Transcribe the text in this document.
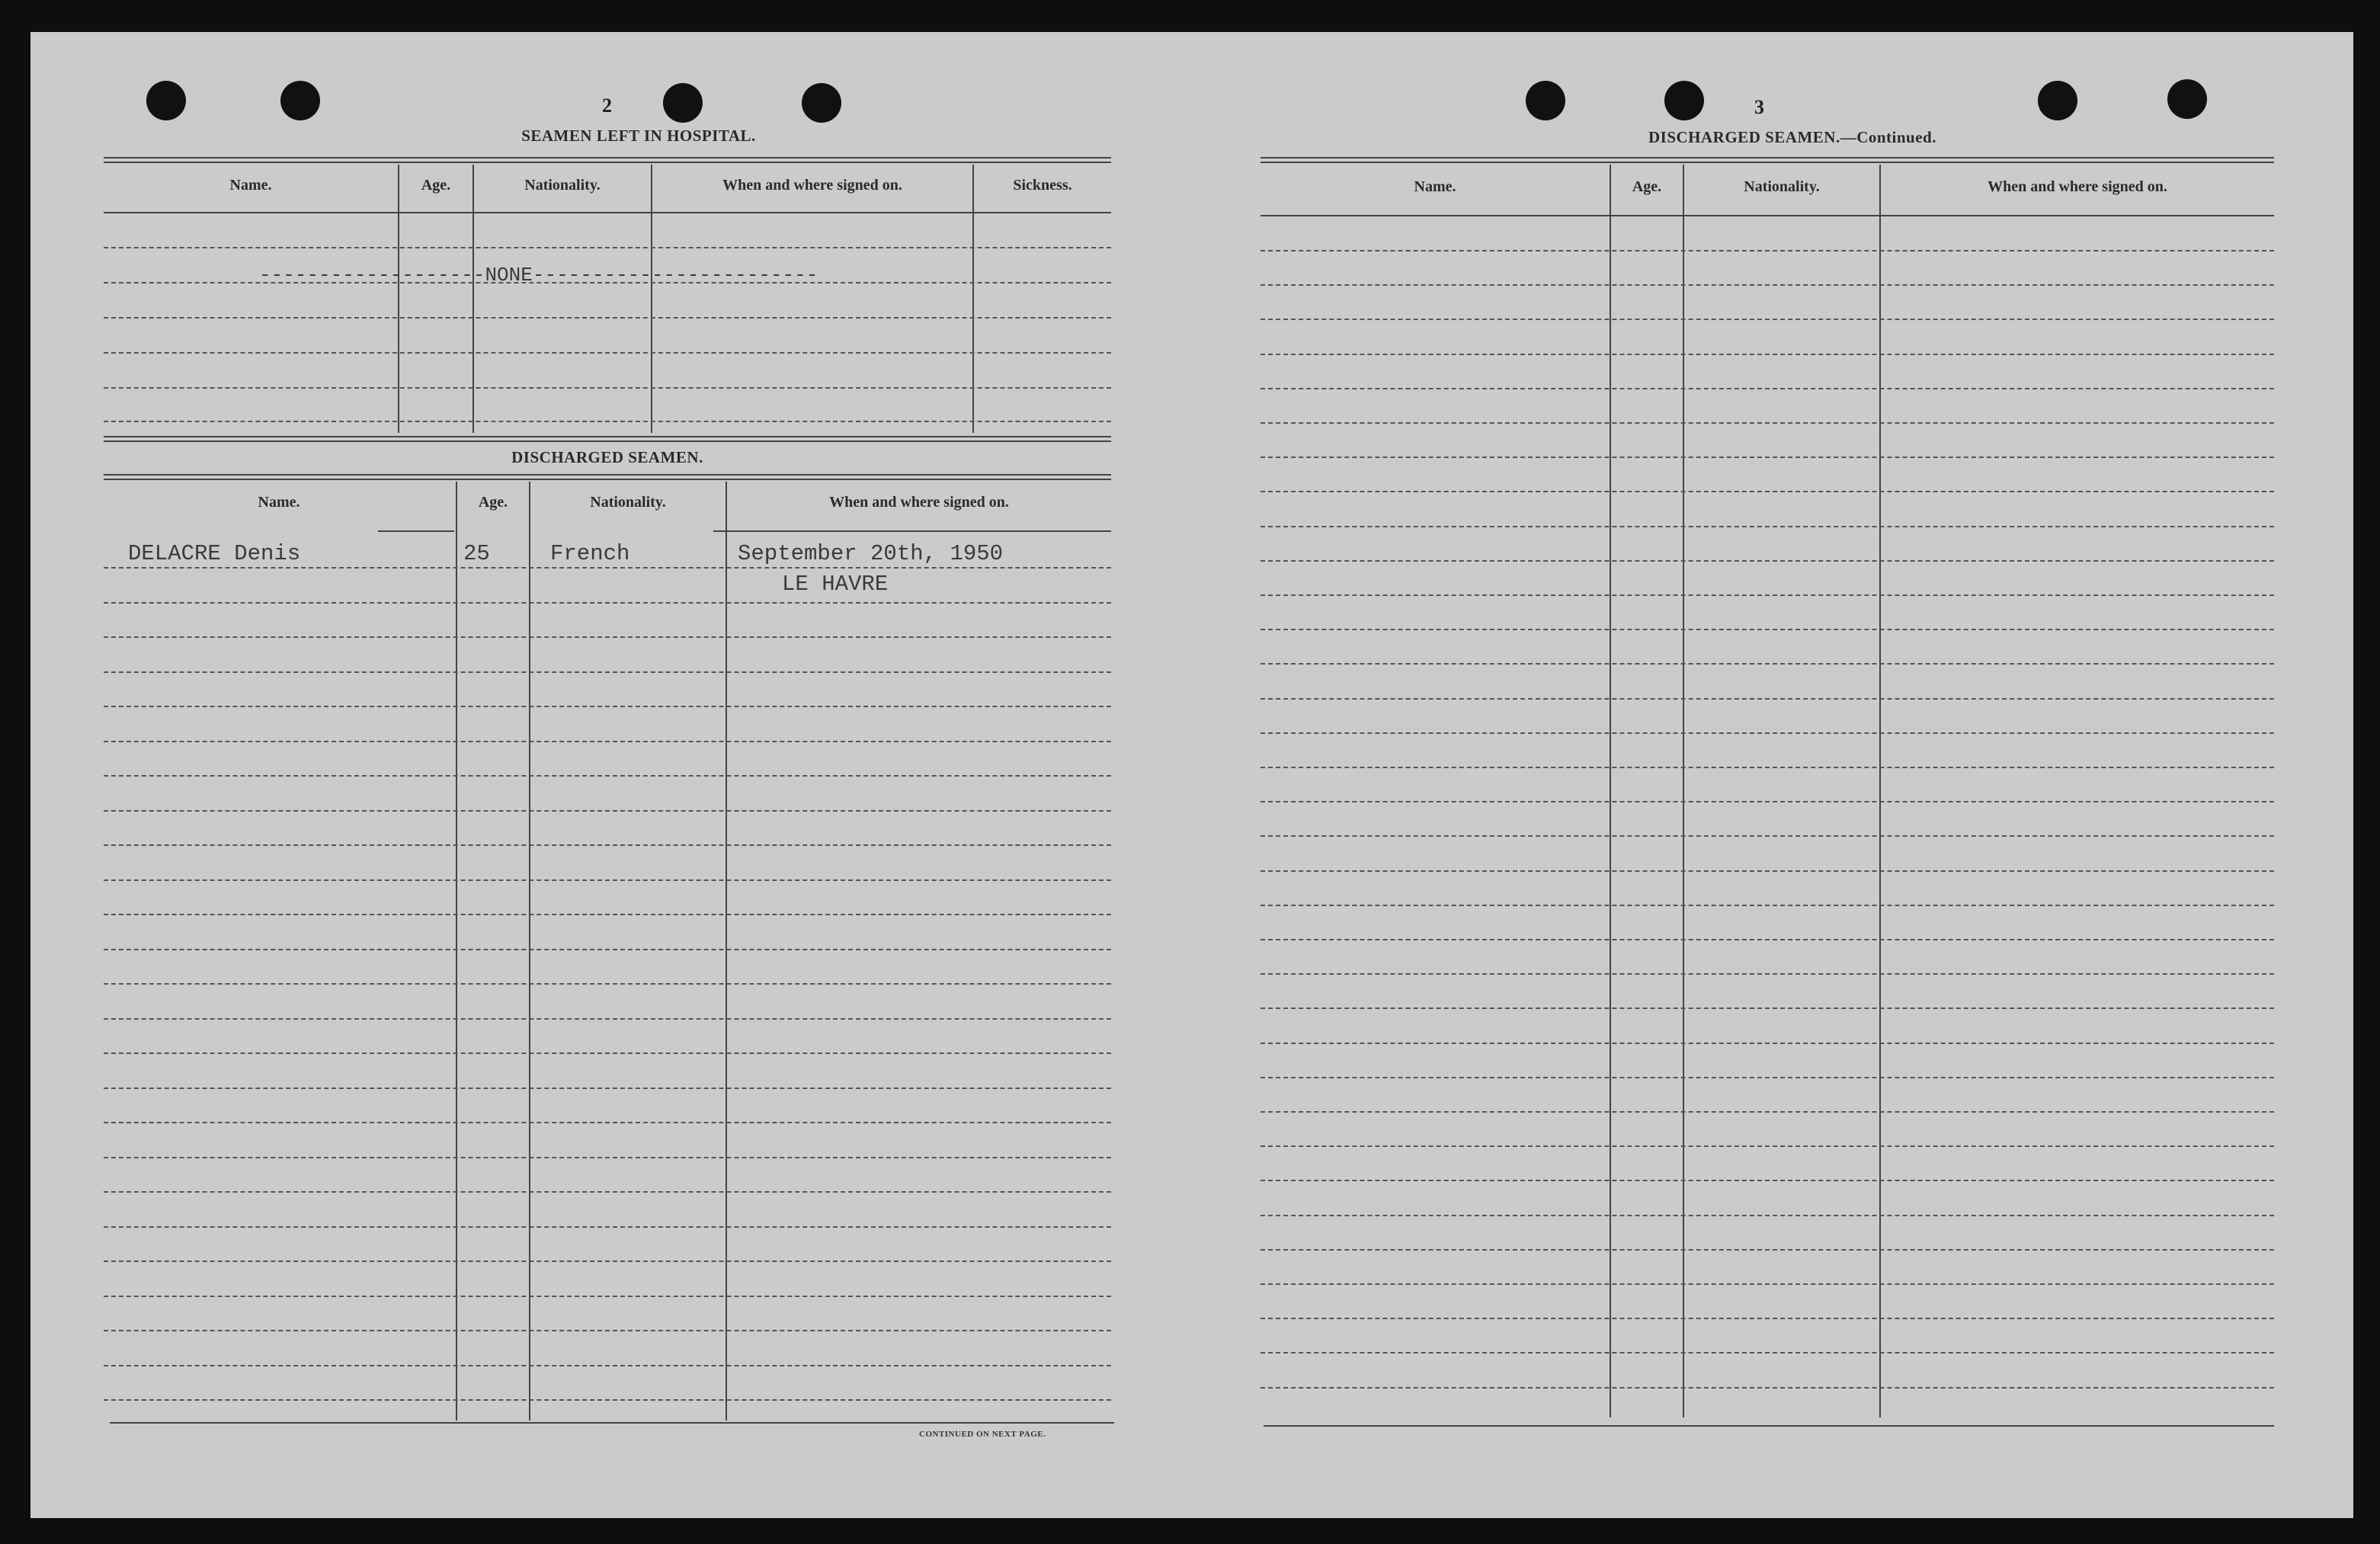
2
SEAMEN LEFT IN HOSPITAL.
Name.	Age.	Nationality.	When and where signed on.	Sickness.
-------------------NONE------------------------
DISCHARGED SEAMEN.
Name.	Age.	Nationality.	When and where signed on.
DELACRE Denis	25	French	September 20th, 1950
LE HAVRE
CONTINUED ON NEXT PAGE.
3
DISCHARGED SEAMEN.—Continued.
Name.	Age.	Nationality.	When and where signed on.
